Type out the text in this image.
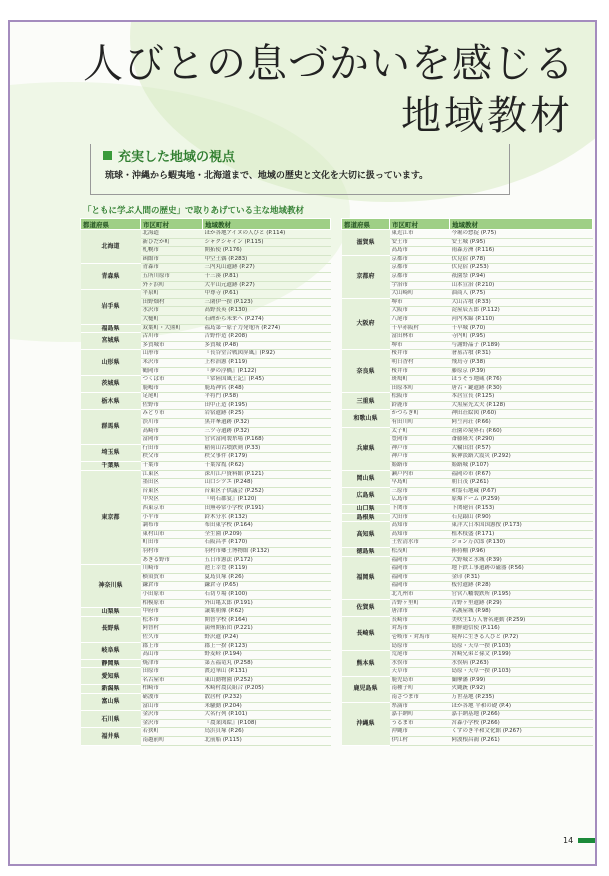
人びとの息づかいを感じる
地域教材
充実した地域の視点
琉球・沖縄から蝦夷地・北海道まで、地域の歴史と文化を大切に扱っています。
「ともに学ぶ人間の歴史」で取りあげている主な地域教材
都道府県	市区町村	地域教材
北海道	北海道	ほか各地アイヌの人びと (P.114)
	新ひだか町	シャクシャイン (P.115)
	札幌市	開拓使 (P.176)
	函館市	中空土偶 (P.283)
青森県	青森市	三内丸山遺跡 (P.27)
	五所川原市	十三湊 (P.81)
	外ヶ浜町	大平山元遺跡 (P.27)
岩手県	平泉町	中尊寺 (P.61)
	田野畑村	三閉伊一揆 (P.123)
	水沢市	高野長英 (P.130)
	大槌町	石碑から未来へ (P.274)
福島県	双葉町・大熊町	福島第一原子力発電所 (P.274)
宮城県	古川市	吉野作造 (P.208)
	多賀城市	多賀城 (P.48)
山形県	山形市	『長谷堂合戦図屏風』(P.92)
	米沢市	上杉治憲 (P.119)
	鶴岡市	『夢の浮橋』(P.122)
茨城県	つくば市	『常陸国風土記』(P.45)
	鹿嶋市	鹿島神宮 (P.48)
栃木県	足尾町	平将門 (P.58)
	佐野市	田中正造 (P.195)
群馬県	みどり市	岩宿遺跡 (P.25)
	渋川市	黒井峯遺跡 (P.32)
	高崎市	三ツ寺遺跡 (P.32)
	富岡市	官営富岡製糸場 (P.168)
埼玉県	行田市	稲荷山古墳鉄剣 (P.33)
	秩父市	秩父事件 (P.179)
千葉県	千葉市	千葉常胤 (P.62)
東京都	江東区	深川江戸資料館 (P.121)
	墨田区	山口シヅエ (P.248)
	台東区	台東区子供議会 (P.252)
	中央区	『明石郡宴』(P.120)
	西東京市	田無尋常小学校 (P.191)
	小平市	鈴木分水 (P.132)
	調布市	布田東学校 (P.164)
	東村山市	全生園 (P.209)
	町田市	石阪昌孝 (P.170)
	羽村市	羽村市郷土博物館 (P.132)
	あきる野市	五日市憲法 (P.172)
神奈川県	川崎市	池上幸豊 (P.119)
	横須賀市	夏島貝塚 (P.26)
	鎌倉市	鎌倉寺 (P.65)
	小田原市	石切り場 (P.100)
	相模原市	外山亀太郎 (P.191)
山梨県	甲府市	譲葉朝像 (P.62)
長野県	松本市	開智学校 (P.164)
	阿智村	満州開拓団 (P.221)
	佐久市	野沢遺 (P.24)
岐阜県	郡上市	郡上一揆 (P.123)
	高山市	野麦峠 (P.194)
静岡県	焼津市	第五福竜丸 (P.258)
愛知県	田原市	渡辺崋山 (P.131)
	名古屋市	東山動物園 (P.252)
新潟県	柏崎市	木崎村農民組合 (P.205)
富山県	砺波市	散居村 (P.232)
	富山市	米騒動 (P.204)
石川県	金沢市	大名行列 (P.101)
	金沢市	『農業図絵』(P.108)
福井県	若狭町	鳥浜貝塚 (P.26)
	南越前町	北前船 (P.115)
都道府県	市区町村	地域教材
滋賀県	東近江市	今堀の惣掟 (P.75)
	安土市	安土城 (P.95)
	高島市	雨森芳洲 (P.116)
京都府	京都市	伏見宿 (P.78)
	京都市	伏見宿 (P.253)
	京都市	祇園祭 (P.94)
	宇治市	山本宣治 (P.210)
	大山崎町	油商人 (P.75)
大阪府	堺市	大山古墳 (P.33)
	大阪市	淀屋辰五郎 (P.112)
	八尾市	河内木綿 (P.110)
	千早赤阪村	千早城 (P.70)
	富田林市	寺内町 (P.95)
	堺市	与謝野晶子 (P.189)
奈良県	桜井市	箸墓古墳 (P.31)
	明日香村	飛鳥寺 (P.38)
	桜井市	藤原京 (P.39)
	斑鳩町	ほうそう地蔵 (P.76)
	田原本町	唐古・鍵遺跡 (P.30)
三重県	松阪市	本居宣長 (P.125)
	鈴鹿市	大黒屋光太夫 (P.128)
和歌山県	かつらぎ町	神田荘絵図 (P.60)
	有田川町	阿弖河荘 (P.66)
兵庫県	太子町	荘園の境界石 (P.60)
	豊岡市	斎藤隆夫 (P.290)
	神戸市	大輪田泊 (P.57)
	神戸市	阪神淡路大震災 (P.292)
	姫路市	姫路城 (P.107)
岡山県	瀬戸内市	福岡の市 (P.67)
	早島町	朝日茂 (P.261)
広島県	三原市	和霊石地蔵 (P.67)
	広島市	原爆ドーム (P.259)
山口県	下関市	下関砲台 (P.153)
島根県	大田市	石見銀山 (P.90)
高知県	高知市	東洋大日本国国憲按 (P.173)
	高知市	植木枝盛 (P.171)
	土佐清水市	ジョン万次郎 (P.130)
徳島県	松茂町	捧持棚 (P.96)
福岡県	福岡市	大野城と水城 (P.39)
	福岡市	地下鉄工事遺跡の磁器 (P.56)
	福岡市	金印 (P.31)
	福岡市	板付遺跡 (P.28)
	北九州市	官営八幡製鉄所 (P.195)
佐賀県	吉野ヶ里町	吉野ヶ里遺跡 (P.29)
	唐津市	名護屋城 (P.98)
長崎県	長崎市	美咲生1万人署名運動 (P.259)
	対馬市	朝鮮通信使 (P.116)
	壱岐市・対馬市	境界に生きる人びと (P.72)
	島原市	島原・天草一揆 (P.103)
熊本県	荒尾市	宮崎兄弟と孫文 (P.199)
	水俣市	水俣病 (P.263)
	天草市	島原・天草一揆 (P.103)
鹿児島県	鹿児島市	蘭摩藩 (P.99)
	南種子町	火縄銃 (P.92)
	南さつま市	万世基地 (P.235)
沖縄県	糸満市	ほか各地 平和の礎 (P.4)
	嘉手納町	嘉手納基地 (P.266)
	うるま市	宮森小学校 (P.266)
	沖縄市	くすのき平和文化館 (P.267)
	伊江村	阿波根昌鴻 (P.261)
14
